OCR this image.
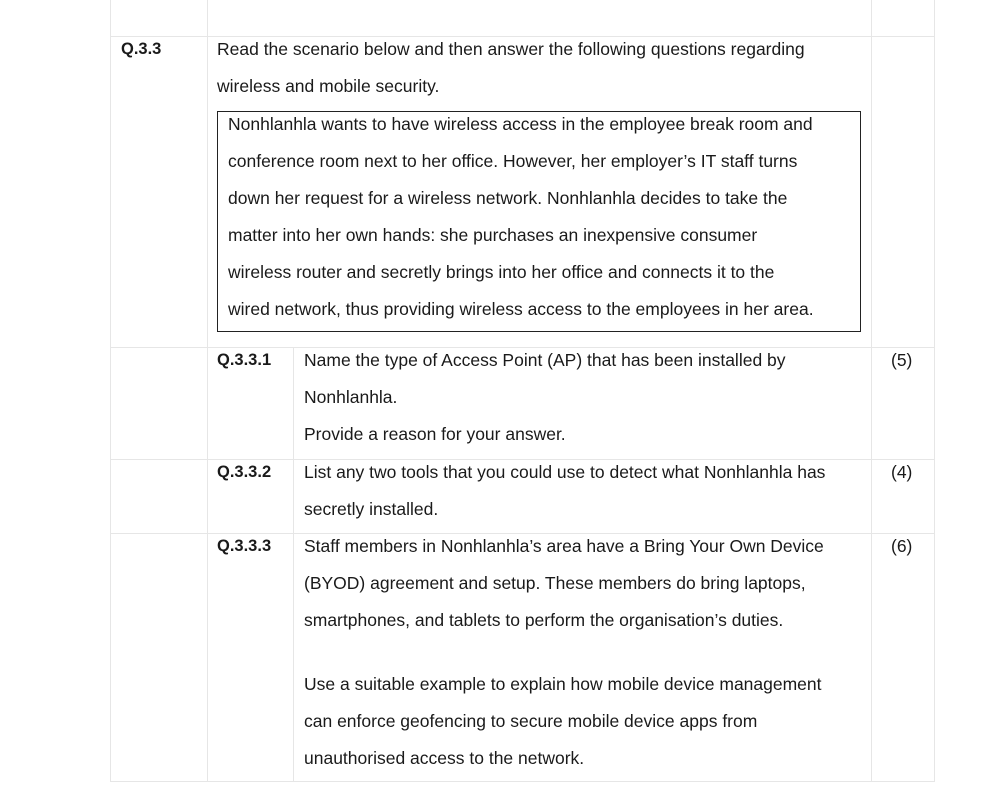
Q.3.3	Read the scenario below and then answer the following questions regarding
wireless and mobile security.
Nonhlanhla wants to have wireless access in the employee break room and
conference room next to her office. However, her employer’s IT staff turns
down her request for a wireless network. Nonhlanhla decides to take the
matter into her own hands: she purchases an inexpensive consumer
wireless router and secretly brings into her office and connects it to the
wired network, thus providing wireless access to the employees in her area.
Q.3.3.1 Name the type of Access Point (AP) that has been installed by
Nonhlanhla.
Provide a reason for your answer.
(5)
Q.3.3.2 List any two tools that you could use to detect what Nonhlanhla has
secretly installed.
(4)
Q.3.3.3 Staff members in Nonhlanhla’s area have a Bring Your Own Device
(BYOD) agreement and setup. These members do bring laptops,
smartphones, and tablets to perform the organisation’s duties.
Use a suitable example to explain how mobile device management
can enforce geofencing to secure mobile device apps from
unauthorised access to the network.
(6)
